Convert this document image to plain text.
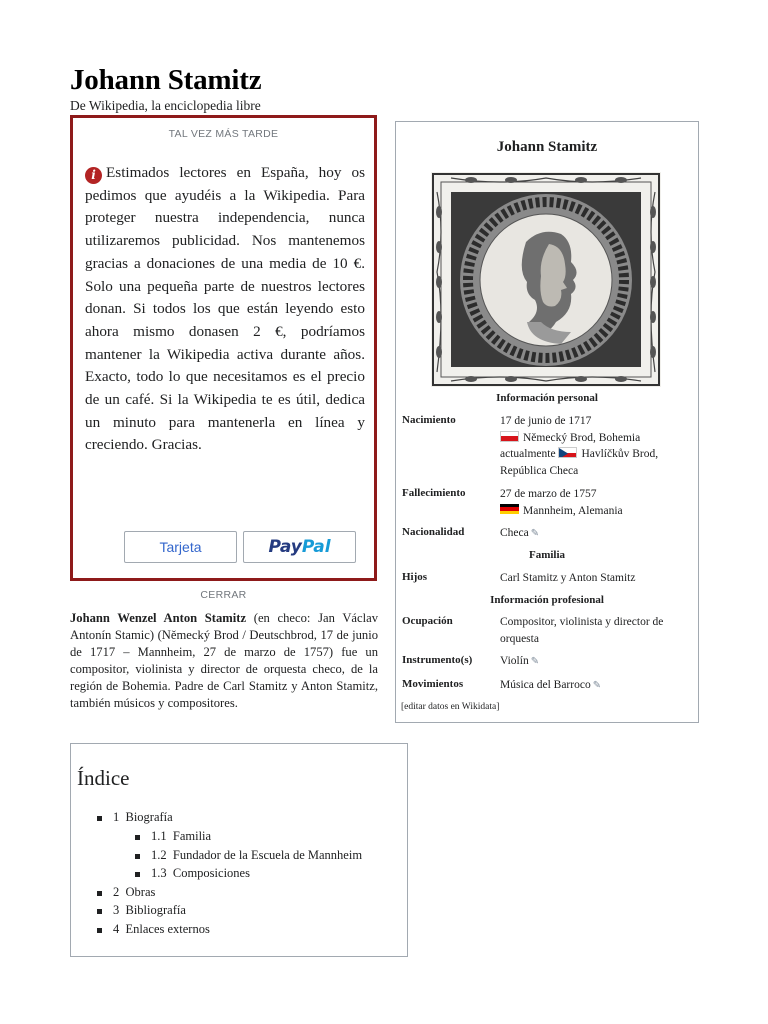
Johann Stamitz
De Wikipedia, la enciclopedia libre
TAL VEZ MÁS TARDE
i Estimados lectores en España, hoy os pedimos que ayudéis a la Wikipedia. Para proteger nuestra independencia, nunca utilizaremos publicidad. Nos mantenemos gracias a donaciones de una media de 10 €. Solo una pequeña parte de nuestros lectores donan. Si todos los que están leyendo esto ahora mismo donasen 2 €, podríamos mantener la Wikipedia activa durante años. Exacto, todo lo que necesitamos es el precio de un café. Si la Wikipedia te es útil, dedica un minuto para mantenerla en línea y creciendo. Gracias.
Tarjeta	Pay Pal
CERRAR
Johann Wenzel Anton Stamitz (en checo: Jan Václav Antonín Stamic) (Německý Brod / Deutschbrod, 17 de junio de 1717 – Mannheim, 27 de marzo de 1757) fue un compositor, violinista y director de orquesta checo, de la región de Bohemia. Padre de Carl Stamitz y Anton Stamitz, también músicos y compositores.
Johann Stamitz
Información personal
Nacimiento	17 de junio de 1717
Německý Brod, Bohemia
actualmente Havlíčkův Brod,
República Checa
Fallecimiento	27 de marzo de 1757
Mannheim, Alemania
Nacionalidad	Checa ✎
Familia
Hijos	Carl Stamitz y Anton Stamitz
Información profesional
Ocupación	Compositor, violinista y director de orquesta
Instrumento(s)	Violín ✎
Movimientos	Música del Barroco ✎
[editar datos en Wikidata]
Índice
1 Biografía
1.1 Familia
1.2 Fundador de la Escuela de Mannheim
1.3 Composiciones
2 Obras
3 Bibliografía
4 Enlaces externos
